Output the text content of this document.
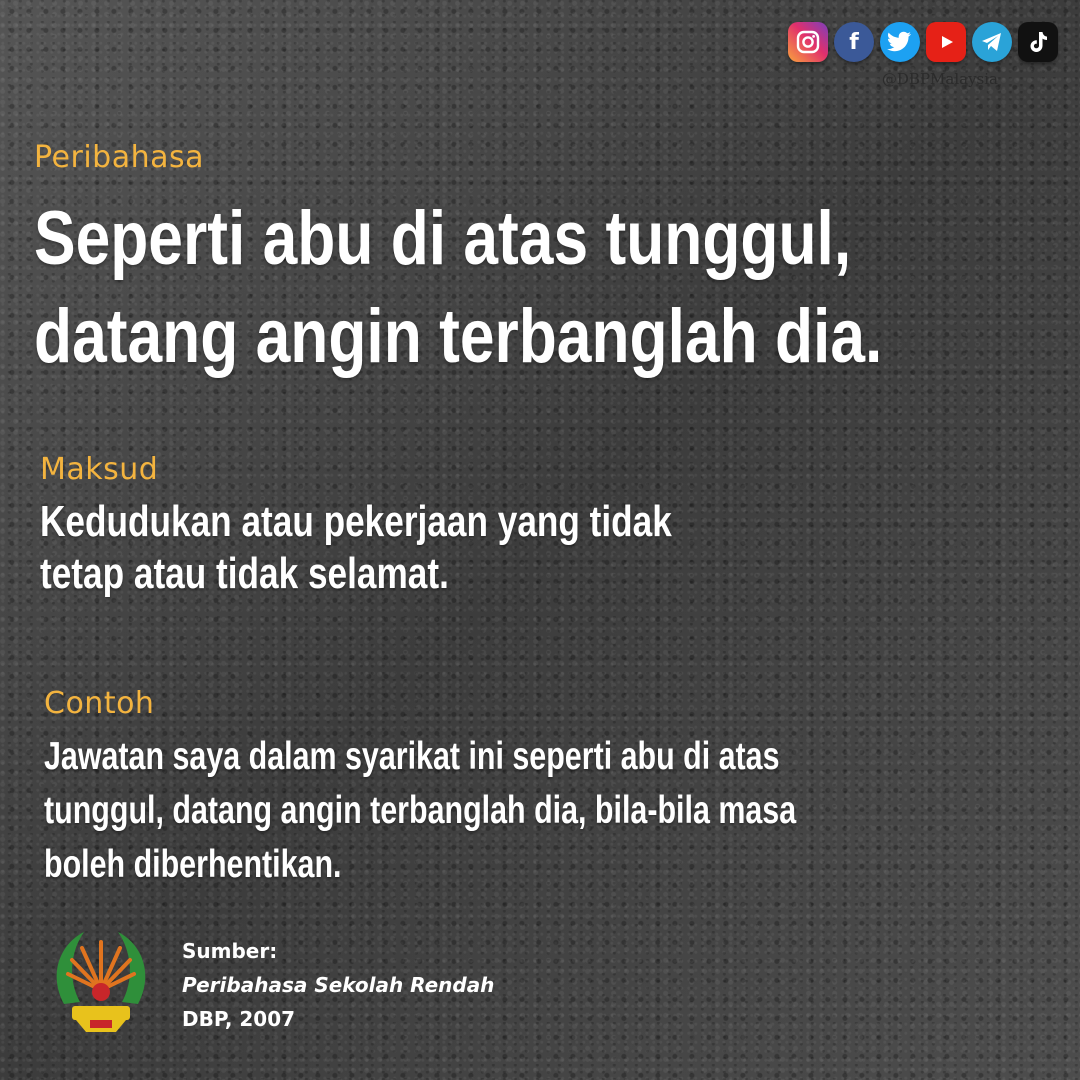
f
@DBPMalaysia
Peribahasa
Seperti abu di atas tunggul,
datang angin terbanglah dia.
Maksud

Kedudukan atau pekerjaan yang tidak
tetap atau tidak selamat.

Contoh

Jawatan saya dalam syarikat ini seperti abu di atas
tunggul, datang angin terbanglah dia, bila-bila masa
boleh diberhentikan.

Sumber:
Peribahasa Sekolah Rendah
DBP, 2007
